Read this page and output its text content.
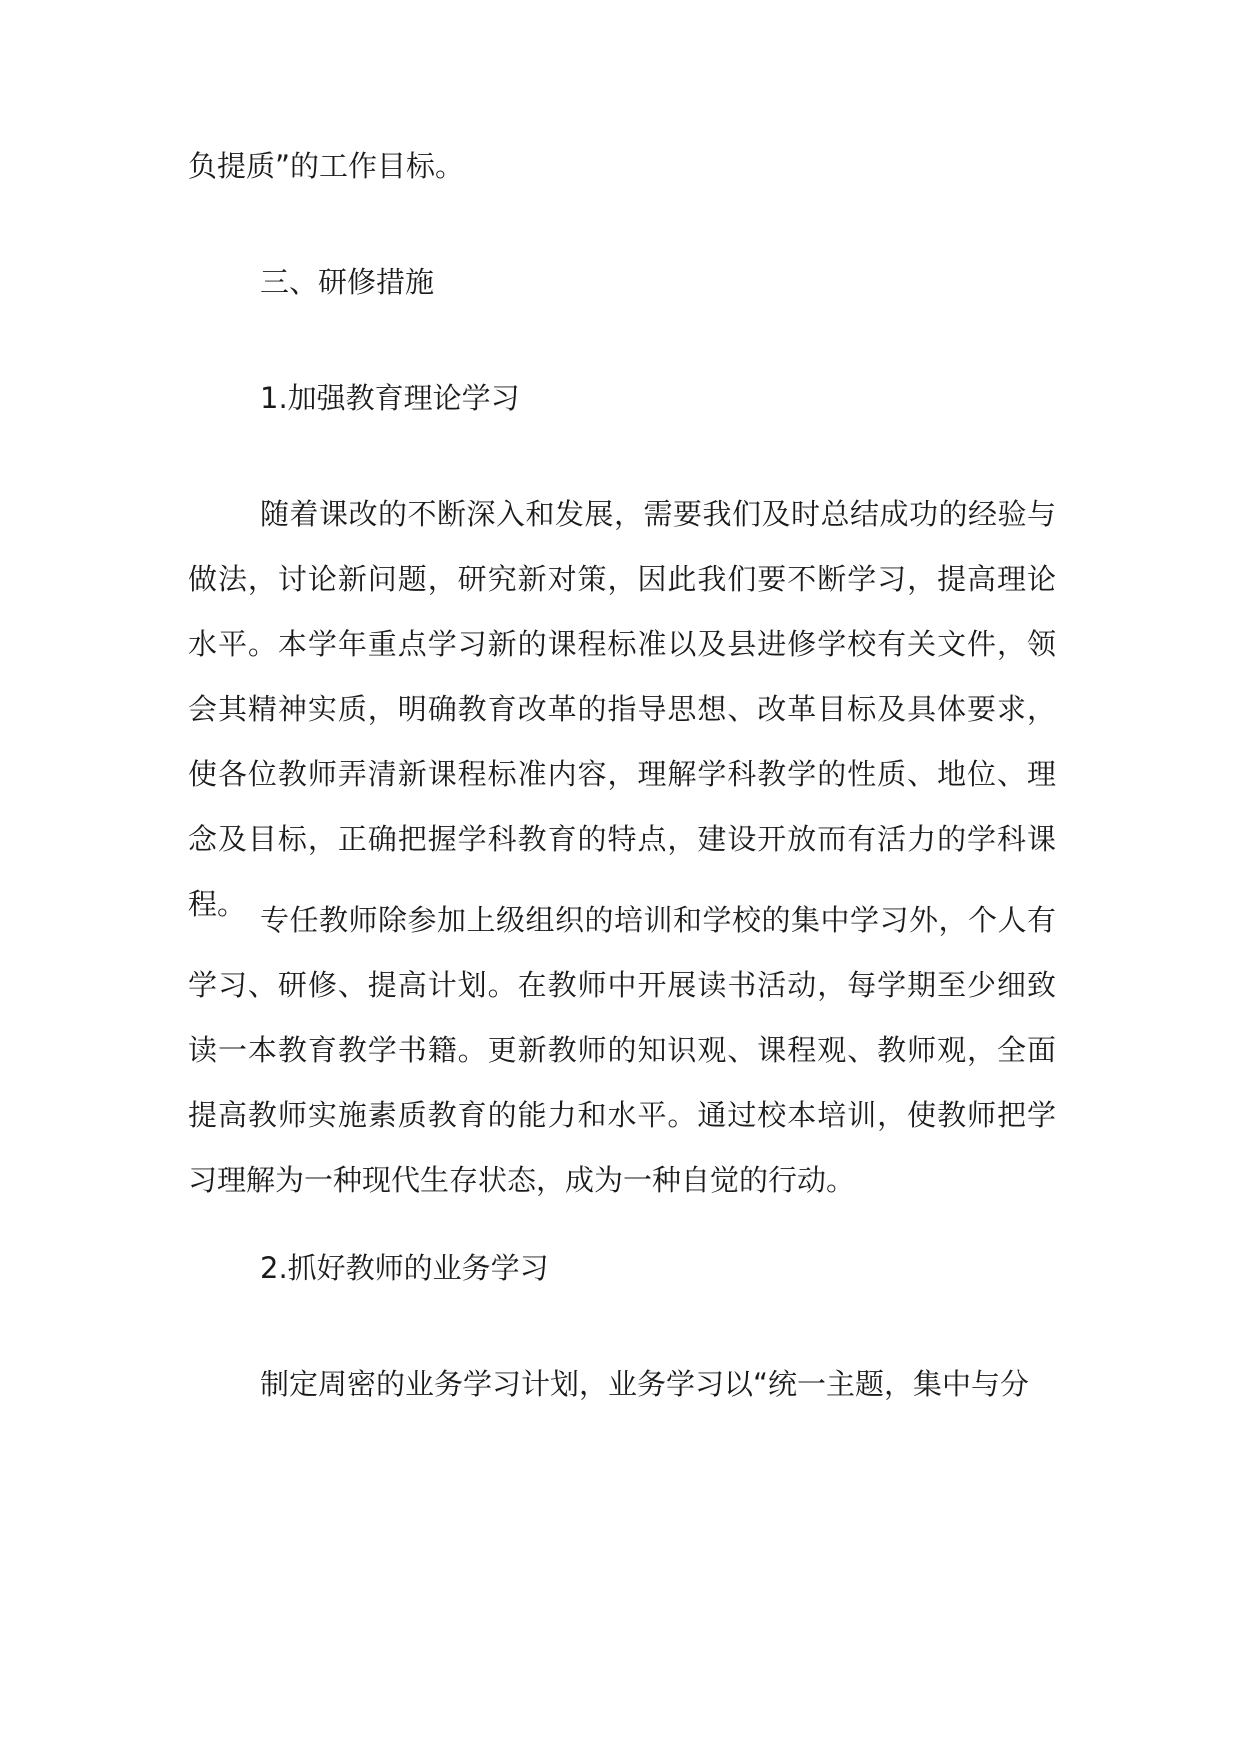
负提质”的工作目标。
三、研修措施
1.加强教育理论学习
随着课改的不断深入和发展，需要我们及时总结成功的经验与做法，讨论新问题，研究新对策，因此我们要不断学习，提高理论水平。本学年重点学习新的课程标准以及县进修学校有关文件，领会其精神实质，明确教育改革的指导思想、改革目标及具体要求，使各位教师弄清新课程标准内容，理解学科教学的性质、地位、理念及目标，正确把握学科教育的特点，建设开放而有活力的学科课程。 专任教师除参加上级组织的培训和学校的集中学习外，个人有学习、研修、提高计划。在教师中开展读书活动，每学期至少细致读一本教育教学书籍。更新教师的知识观、课程观、教师观，全面提高教师实施素质教育的能力和水平。通过校本培训，使教师把学习理解为一种现代生存状态，成为一种自觉的行动。
2.抓好教师的业务学习
制定周密的业务学习计划，业务学习以“统一主题，集中与分
